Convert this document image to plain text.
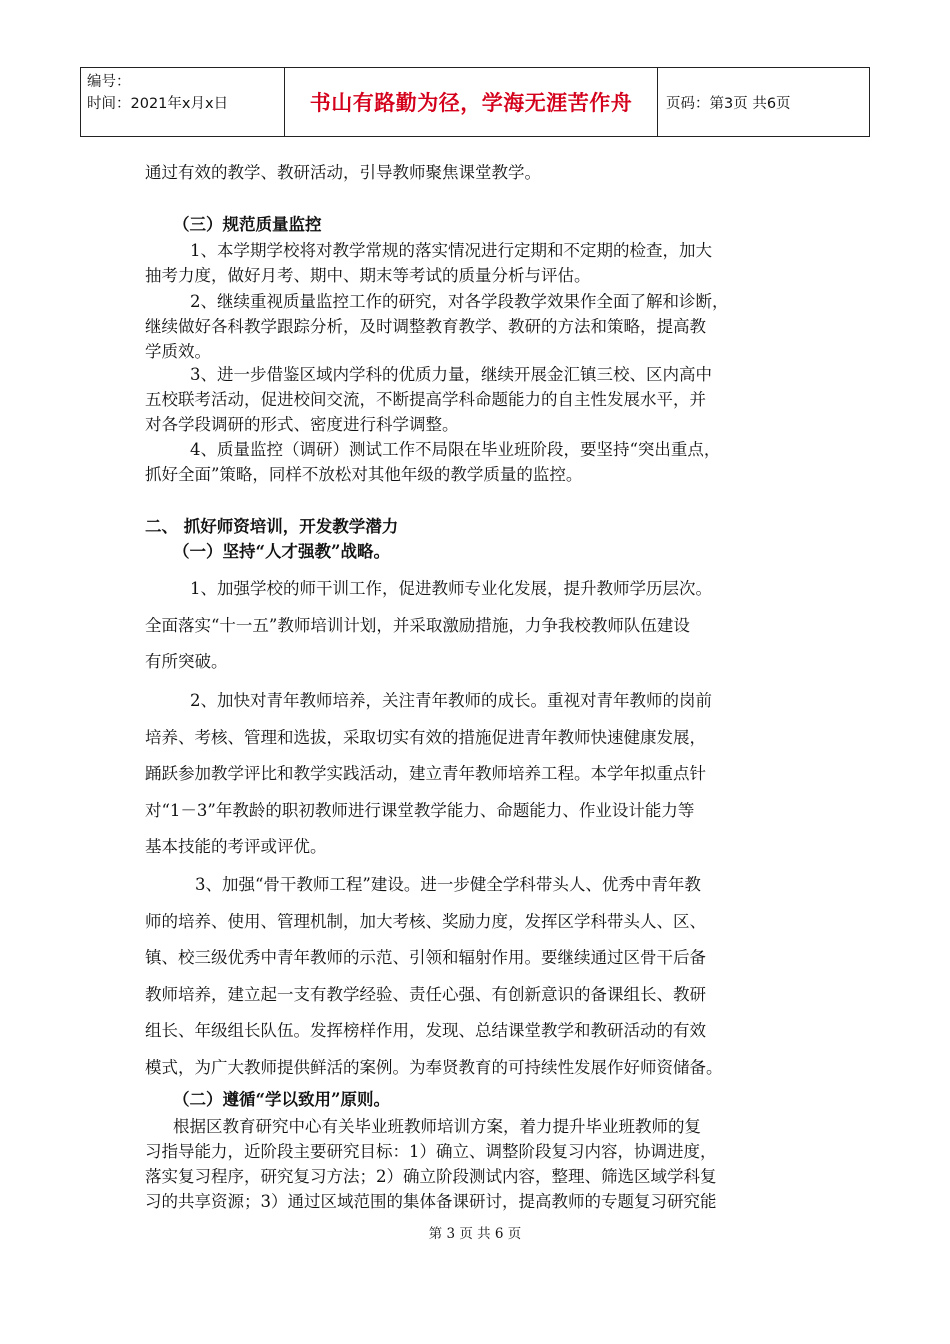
编号：
时间：2021年x月x日	书山有路勤为径，学海无涯苦作舟	页码：第3页 共6页
通过有效的教学、教研活动，引导教师聚焦课堂教学。
（三）规范质量监控
1、本学期学校将对教学常规的落实情况进行定期和不定期的检查，加大
抽考力度，做好月考、期中、期末等考试的质量分析与评估。
2、继续重视质量监控工作的研究，对各学段教学效果作全面了解和诊断，
继续做好各科教学跟踪分析，及时调整教育教学、教研的方法和策略，提高教
学质效。
3、进一步借鉴区域内学科的优质力量，继续开展金汇镇三校、区内高中
五校联考活动，促进校间交流，不断提高学科命题能力的自主性发展水平，并
对各学段调研的形式、密度进行科学调整。
4、质量监控（调研）测试工作不局限在毕业班阶段，要坚持“突出重点，
抓好全面”策略，同样不放松对其他年级的教学质量的监控。
二、 抓好师资培训，开发教学潜力
（一）坚持“人才强教”战略。
1、加强学校的师干训工作，促进教师专业化发展，提升教师学历层次。
全面落实“十一五”教师培训计划，并采取激励措施，力争我校教师队伍建设
有所突破。
2、加快对青年教师培养，关注青年教师的成长。重视对青年教师的岗前
培养、考核、管理和选拔，采取切实有效的措施促进青年教师快速健康发展，
踊跃参加教学评比和教学实践活动，建立青年教师培养工程。本学年拟重点针
对“1－3”年教龄的职初教师进行课堂教学能力、命题能力、作业设计能力等
基本技能的考评或评优。
3、加强“骨干教师工程”建设。进一步健全学科带头人、优秀中青年教
师的培养、使用、管理机制，加大考核、奖励力度，发挥区学科带头人、区、
镇、校三级优秀中青年教师的示范、引领和辐射作用。要继续通过区骨干后备
教师培养，建立起一支有教学经验、责任心强、有创新意识的备课组长、教研
组长、年级组长队伍。发挥榜样作用，发现、总结课堂教学和教研活动的有效
模式，为广大教师提供鲜活的案例。为奉贤教育的可持续性发展作好师资储备。
（二）遵循“学以致用”原则。
根据区教育研究中心有关毕业班教师培训方案，着力提升毕业班教师的复
习指导能力，近阶段主要研究目标：1）确立、调整阶段复习内容，协调进度，
落实复习程序，研究复习方法；2）确立阶段测试内容，整理、筛选区域学科复
习的共享资源；3）通过区域范围的集体备课研讨，提高教师的专题复习研究能
第 3 页 共 6 页
